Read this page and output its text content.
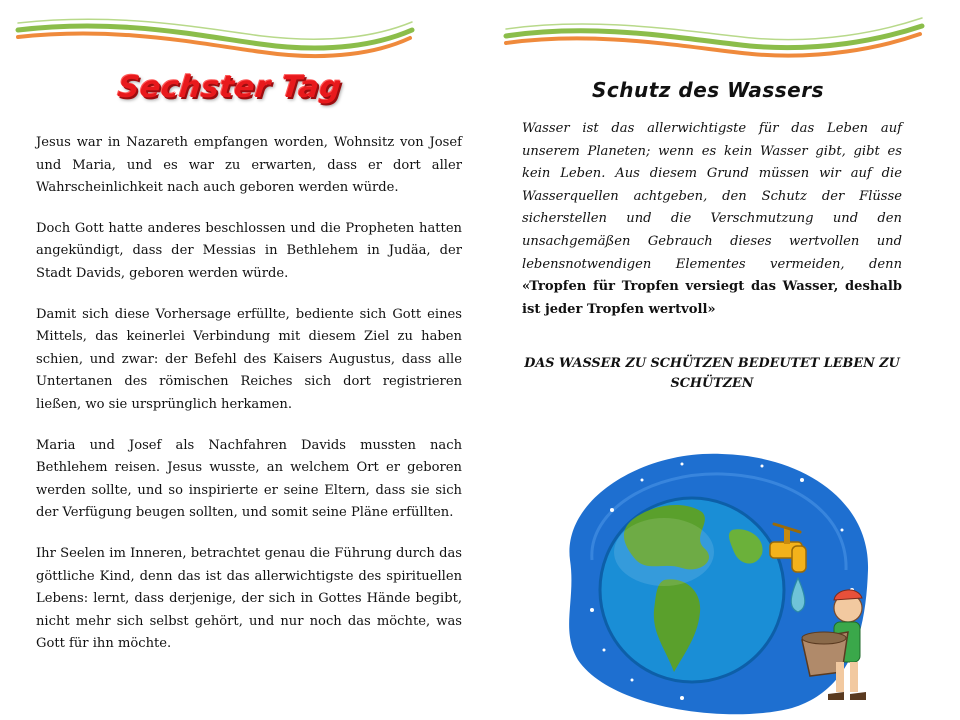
Sechster Tag

Jesus war in Nazareth empfangen worden, Wohnsitz von Josef und Maria, und es war zu erwarten, dass er dort aller Wahrscheinlichkeit nach auch geboren werden würde.

Doch Gott hatte anderes beschlossen und die Propheten hatten angekündigt, dass der Messias in Bethlehem in Judäa, der Stadt Davids, geboren werden würde.

Damit sich diese Vorhersage erfüllte, bediente sich Gott eines Mittels, das keinerlei Verbindung mit diesem Ziel zu haben schien, und zwar: der Befehl des Kaisers Augustus, dass alle Untertanen des römischen Reiches sich dort registrieren ließen, wo sie ursprünglich herkamen.

Maria und Josef als Nachfahren Davids mussten nach Bethlehem reisen. Jesus wusste, an welchem Ort er geboren werden sollte, und so inspirierte er seine Eltern, dass sie sich der Verfügung beugen sollten, und somit seine Pläne erfüllten.

Ihr Seelen im Inneren, betrachtet genau die Führung durch das göttliche Kind, denn das ist das allerwichtigste des spirituellen Lebens: lernt, dass derjenige, der sich in Gottes Hände begibt, nicht mehr sich selbst gehört, und nur noch das möchte, was Gott für ihn möchte.

Schutz des Wassers

Wasser ist das allerwichtigste für das Leben auf unserem Planeten; wenn es kein Wasser gibt, gibt es kein Leben. Aus diesem Grund müssen wir auf die Wasserquellen achtgeben, den Schutz der Flüsse sicherstellen und die Verschmutzung und den unsachgemäßen Gebrauch dieses wertvollen und lebensnotwendigen Elementes vermeiden, denn «Tropfen für Tropfen versiegt das Wasser, deshalb ist jeder Tropfen wertvoll»

DAS WASSER ZU SCHÜTZEN BEDEUTET LEBEN ZU SCHÜTZEN
